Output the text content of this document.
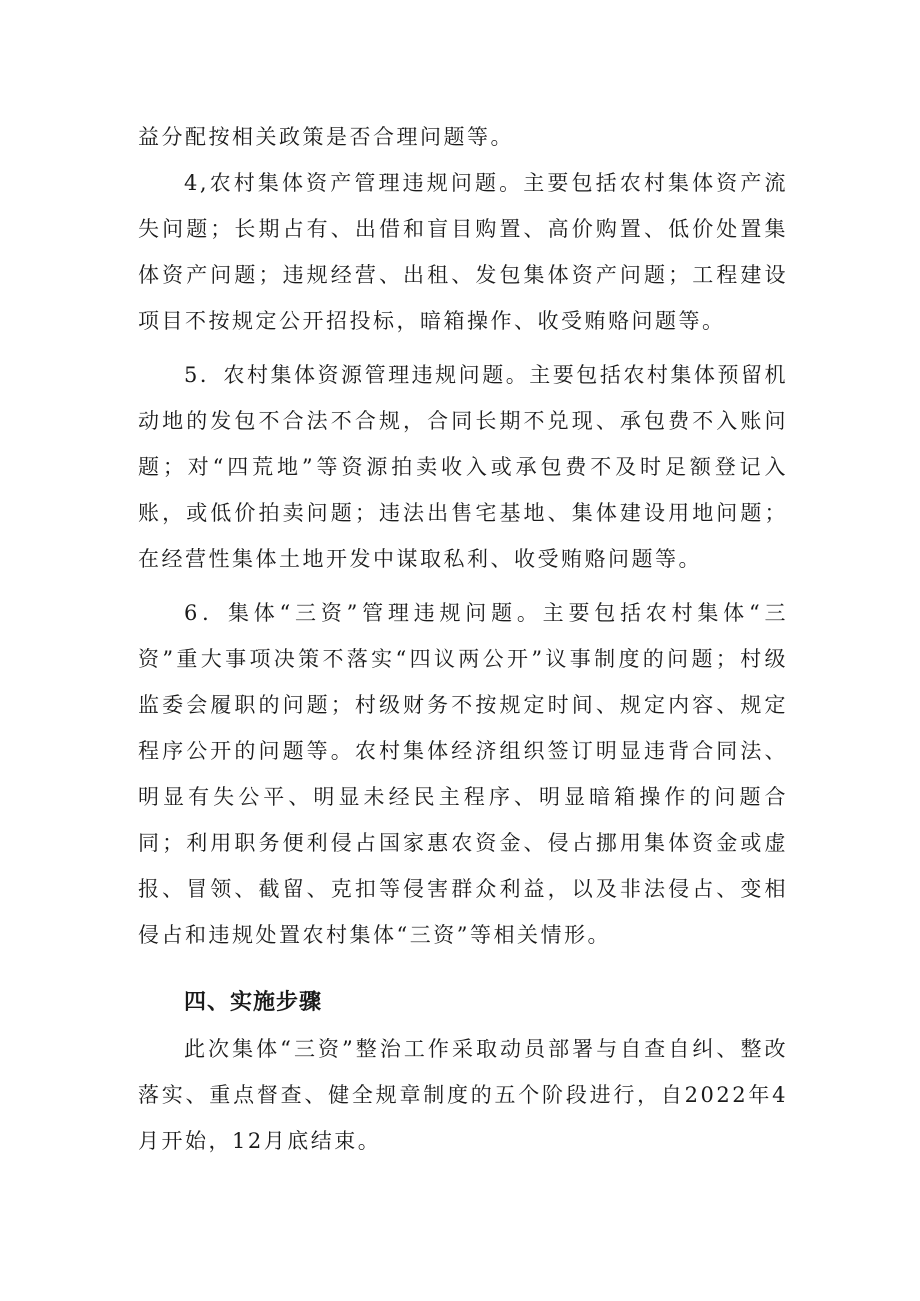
益分配按相关政策是否合理问题等。

4,农村集体资产管理违规问题。主要包括农村集体资产流失问题；长期占有、出借和盲目购置、高价购置、低价处置集体资产问题；违规经营、出租、发包集体资产问题；工程建设项目不按规定公开招投标，暗箱操作、收受贿赂问题等。

5．农村集体资源管理违规问题。主要包括农村集体预留机动地的发包不合法不合规，合同长期不兑现、承包费不入账问题；对“四荒地”等资源拍卖收入或承包费不及时足额登记入账，或低价拍卖问题；违法出售宅基地、集体建设用地问题；在经营性集体土地开发中谋取私利、收受贿赂问题等。

6．集体“三资”管理违规问题。主要包括农村集体“三资”重大事项决策不落实“四议两公开”议事制度的问题；村级监委会履职的问题；村级财务不按规定时间、规定内容、规定程序公开的问题等。农村集体经济组织签订明显违背合同法、明显有失公平、明显未经民主程序、明显暗箱操作的问题合同；利用职务便利侵占国家惠农资金、侵占挪用集体资金或虚报、冒领、截留、克扣等侵害群众利益，以及非法侵占、变相侵占和违规处置农村集体“三资”等相关情形。

四、实施步骤

此次集体“三资”整治工作采取动员部署与自查自纠、整改落实、重点督查、健全规章制度的五个阶段进行，自2022年4月开始，12月底结束。
